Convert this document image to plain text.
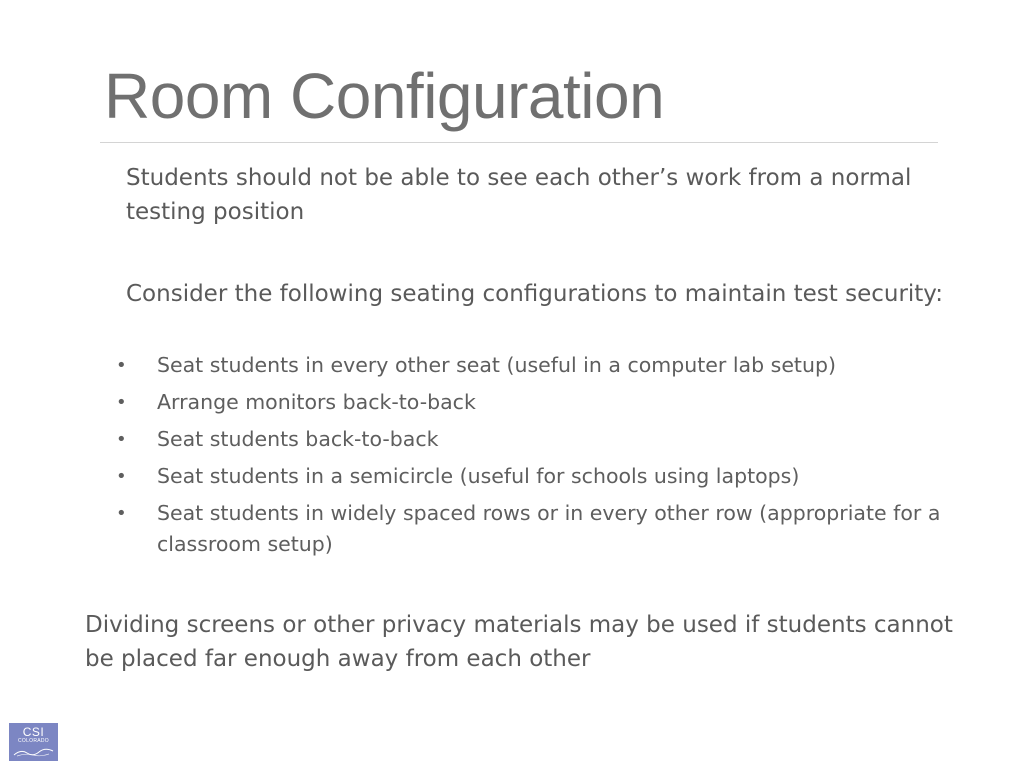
Room Configuration

Students should not be able to see each other’s work from a normal testing position

Consider the following seating configurations to maintain test security:

• Seat students in every other seat (useful in a computer lab setup)
• Arrange monitors back-to-back
• Seat students back-to-back
• Seat students in a semicircle (useful for schools using laptops)
• Seat students in widely spaced rows or in every other row (appropriate for a classroom setup)

Dividing screens or other privacy materials may be used if students cannot be placed far enough away from each other

CSI
COLORADO
